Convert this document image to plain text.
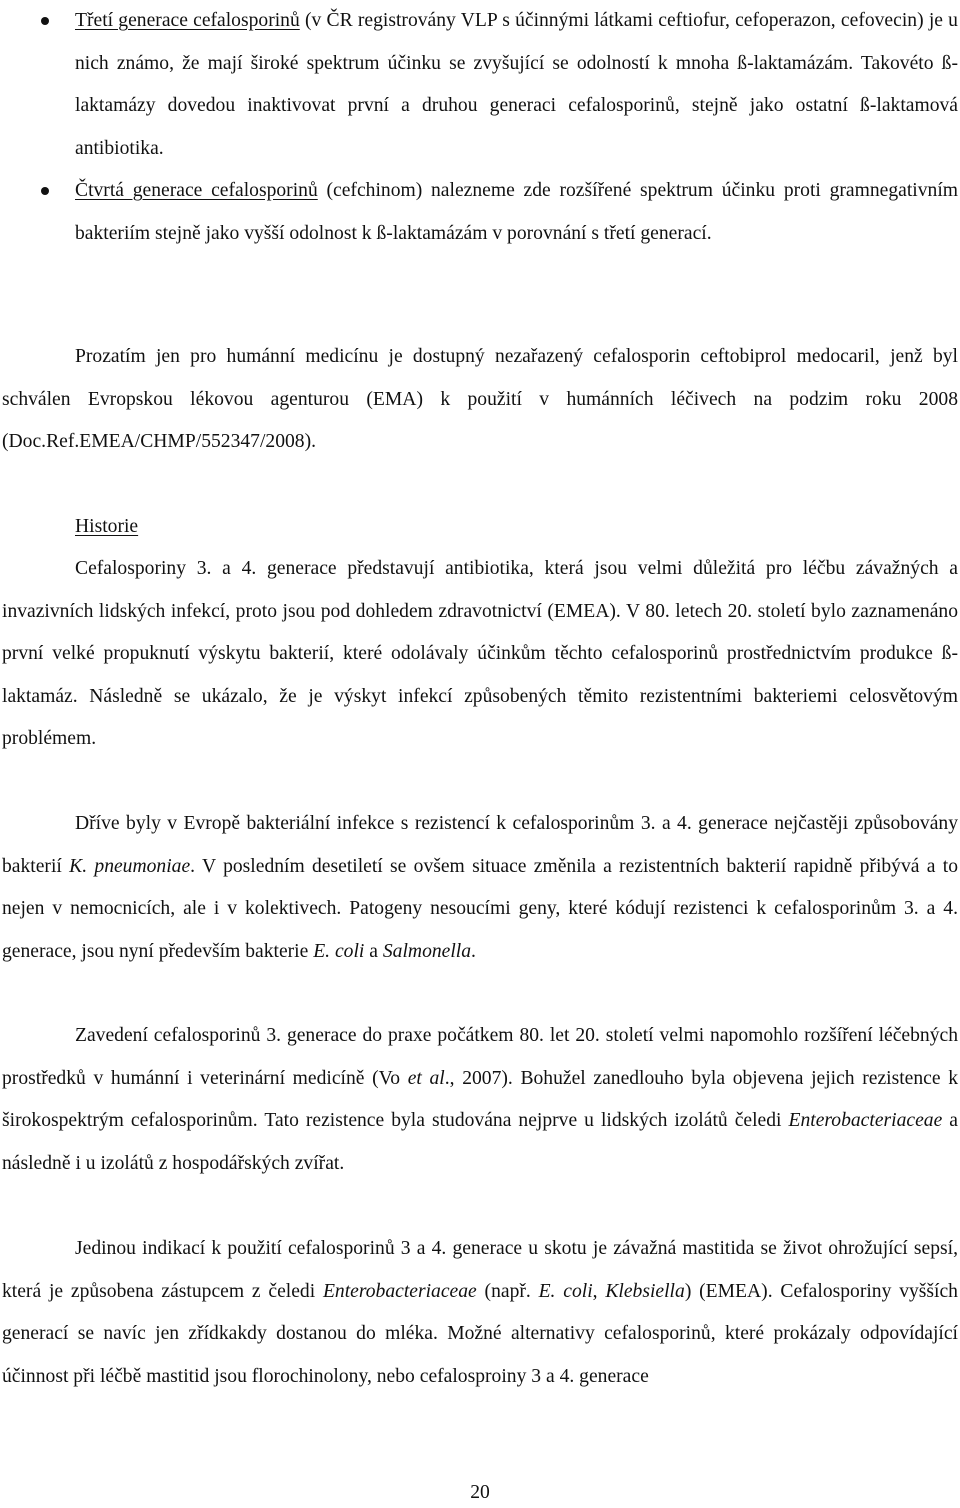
Třetí generace cefalosporinů (v ČR registrovány VLP s účinnými látkami ceftiofur, cefoperazon, cefovecin) je u nich známo, že mají široké spektrum účinku se zvyšující se odolností k mnoha ß-laktamázám. Takovéto ß-laktamázy dovedou inaktivovat první a druhou generaci cefalosporinů, stejně jako ostatní ß-laktamová antibiotika.
Čtvrtá generace cefalosporinů (cefchinom) nalezneme zde rozšířené spektrum účinku proti gramnegativním bakteriím stejně jako vyšší odolnost k ß-laktamázám v porovnání s třetí generací.

Prozatím jen pro humánní medicínu je dostupný nezařazený cefalosporin ceftobiprol medocaril, jenž byl schválen Evropskou lékovou agenturou (EMA) k použití v humánních léčivech na podzim roku 2008 (Doc.Ref.EMEA/CHMP/552347/2008).

Historie

Cefalosporiny 3. a 4. generace představují antibiotika, která jsou velmi důležitá pro léčbu závažných a invazivních lidských infekcí, proto jsou pod dohledem zdravotnictví (EMEA). V 80. letech 20. století bylo zaznamenáno první velké propuknutí výskytu bakterií, které odolávaly účinkům těchto cefalosporinů prostřednictvím produkce ß-laktamáz. Následně se ukázalo, že je výskyt infekcí způsobených těmito rezistentními bakteriemi celosvětovým problémem.

Dříve byly v Evropě bakteriální infekce s rezistencí k cefalosporinům 3. a 4. generace nejčastěji způsobovány bakterií K. pneumoniae. V posledním desetiletí se ovšem situace změnila a rezistentních bakterií rapidně přibývá a to nejen v nemocnicích, ale i v kolektivech. Patogeny nesoucími geny, které kódují rezistenci k cefalosporinům 3. a 4. generace, jsou nyní především bakterie E. coli a Salmonella.

Zavedení cefalosporinů 3. generace do praxe počátkem 80. let 20. století velmi napomohlo rozšíření léčebných prostředků v humánní i veterinární medicíně (Vo et al., 2007). Bohužel zanedlouho byla objevena jejich rezistence k širokospektrým cefalosporinům. Tato rezistence byla studována nejprve u lidských izolátů čeledi Enterobacteriaceae a následně i u izolátů z hospodářských zvířat.

Jedinou indikací k použití cefalosporinů 3 a 4. generace u skotu je závažná mastitida se život ohrožující sepsí, která je způsobena zástupcem z čeledi Enterobacteriaceae (např. E. coli, Klebsiella) (EMEA). Cefalosporiny vyšších generací se navíc jen zřídkakdy dostanou do mléka. Možné alternativy cefalosporinů, které prokázaly odpovídající účinnost při léčbě mastitid jsou florochinolony, nebo cefalosproiny 3 a 4. generace

20
